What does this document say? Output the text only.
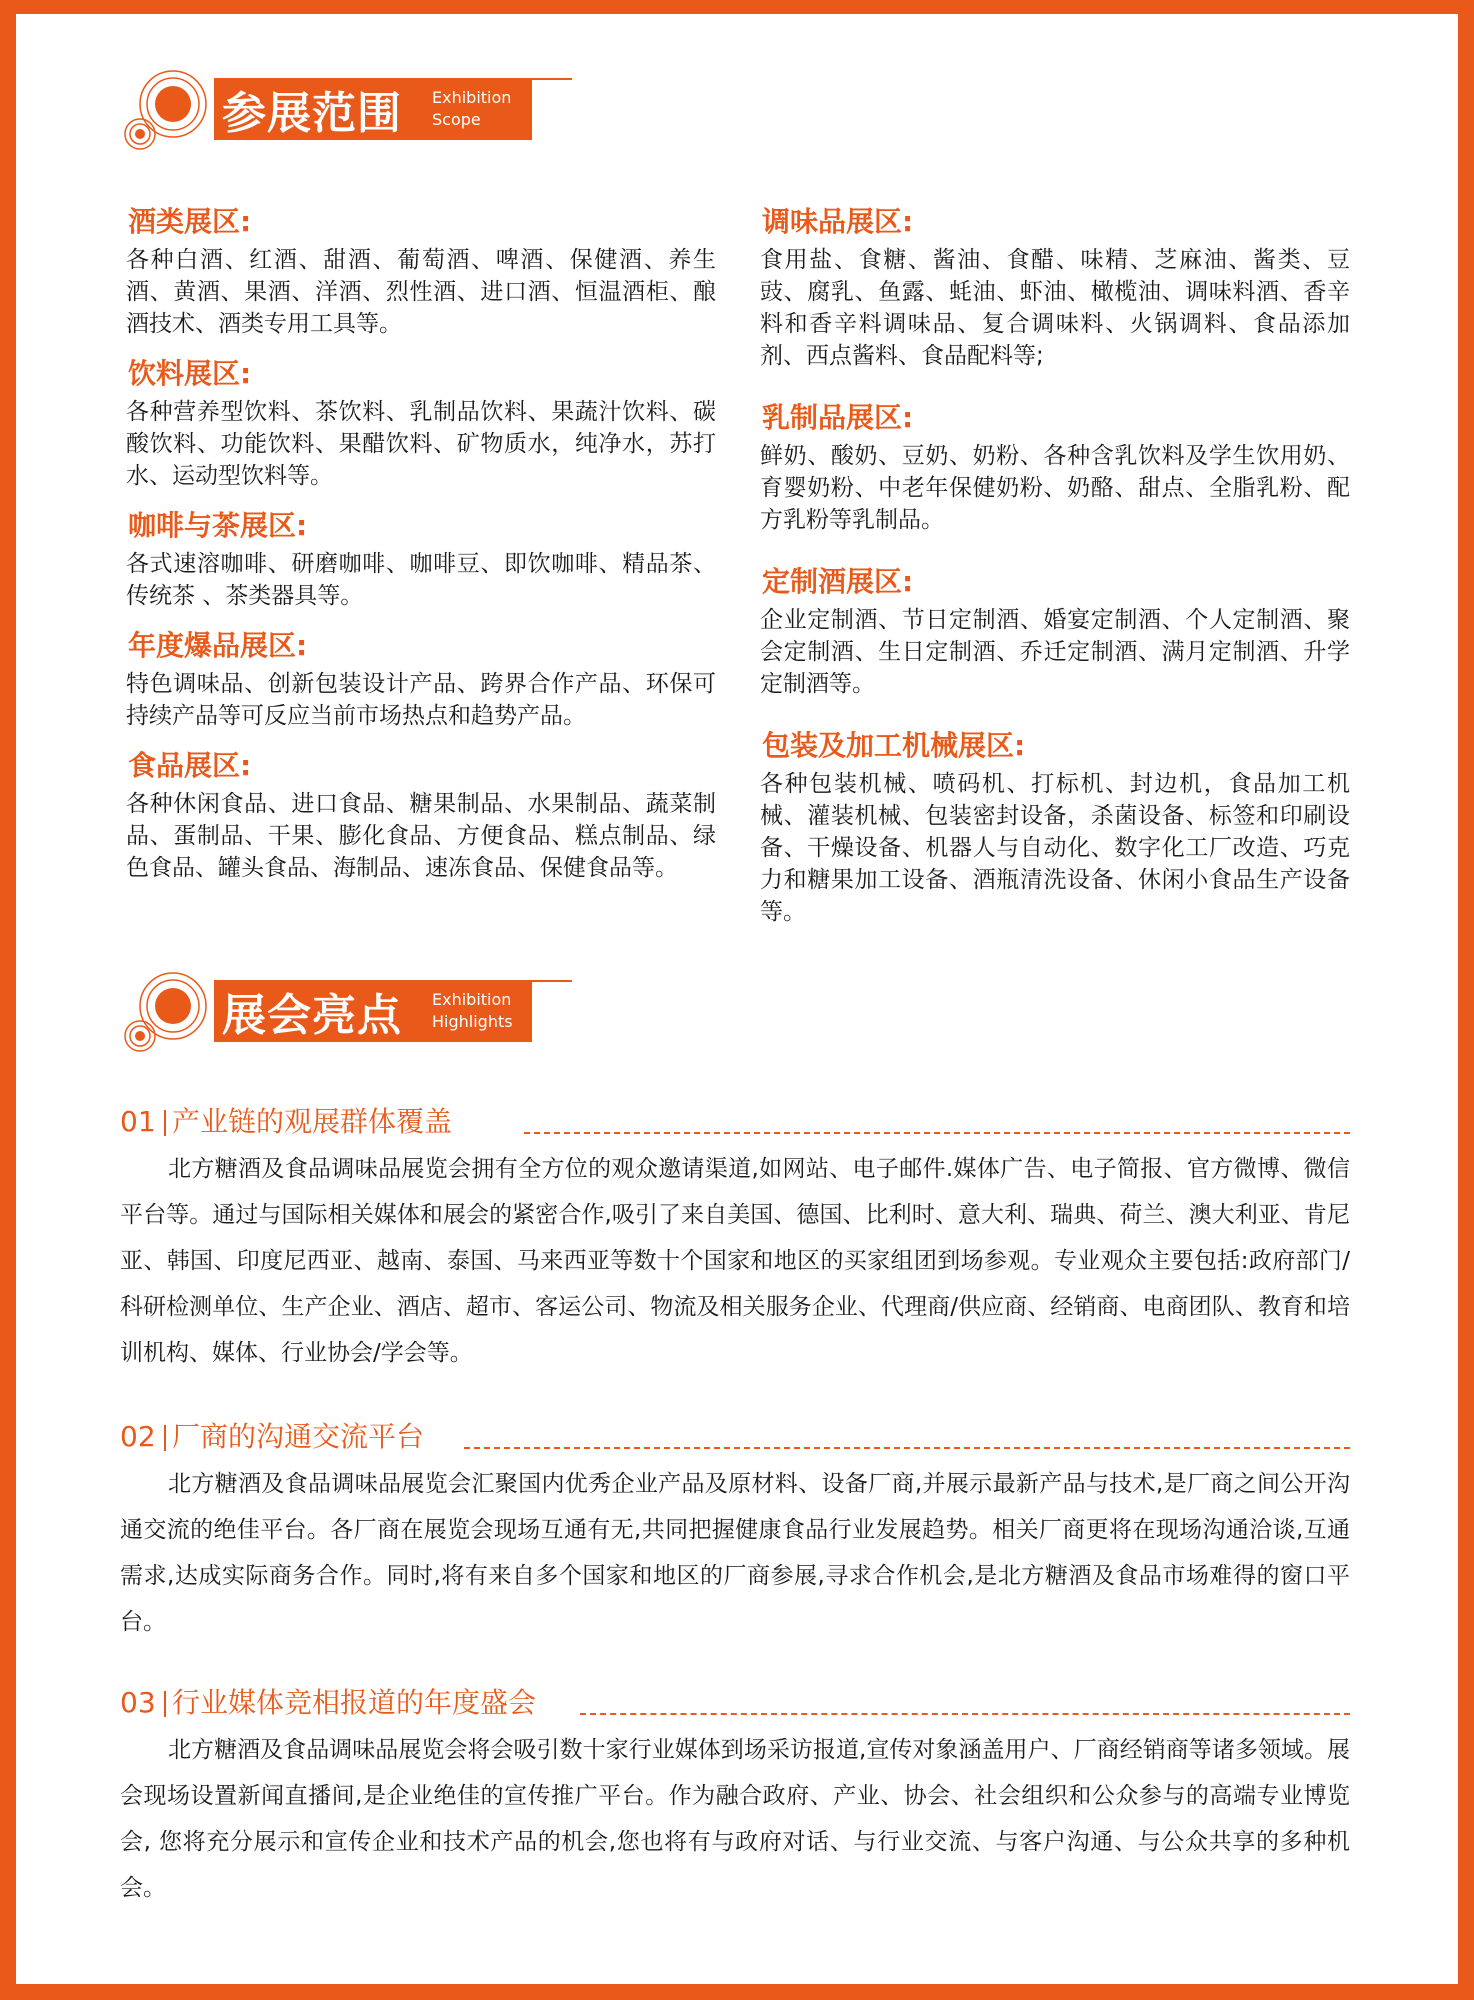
参展范围	Exhibition
Scope
酒类展区:
各种白酒、红酒、甜酒、葡萄酒、啤酒、保健酒、养生酒、黄酒、果酒、洋酒、烈性酒、进口酒、恒温酒柜、酿酒技术、酒类专用工具等。
饮料展区:
各种营养型饮料、茶饮料、乳制品饮料、果蔬汁饮料、碳酸饮料、功能饮料、果醋饮料、矿物质水，纯净水，苏打水、运动型饮料等。
咖啡与茶展区:
各式速溶咖啡、研磨咖啡、咖啡豆、即饮咖啡、精品茶、传统茶 、茶类器具等。
年度爆品展区:
特色调味品、创新包装设计产品、跨界合作产品、环保可持续产品等可反应当前市场热点和趋势产品。
食品展区:
各种休闲食品、进口食品、糖果制品、水果制品、蔬菜制品、蛋制品、干果、膨化食品、方便食品、糕点制品、绿色食品、罐头食品、海制品、速冻食品、保健食品等。
调味品展区:
食用盐、食糖、酱油、食醋、味精、芝麻油、酱类、豆豉、腐乳、鱼露、蚝油、虾油、橄榄油、调味料酒、香辛料和香辛料调味品、复合调味料、火锅调料、食品添加剂、西点酱料、食品配料等;
乳制品展区:
鲜奶、酸奶、豆奶、奶粉、各种含乳饮料及学生饮用奶、育婴奶粉、中老年保健奶粉、奶酪、甜点、全脂乳粉、配方乳粉等乳制品。
定制酒展区:
企业定制酒、节日定制酒、婚宴定制酒、个人定制酒、聚会定制酒、生日定制酒、乔迁定制酒、满月定制酒、升学定制酒等。
包装及加工机械展区:
各种包装机械、喷码机、打标机、封边机，食品加工机械、灌装机械、包装密封设备，杀菌设备、标签和印刷设备、干燥设备、机器人与自动化、数字化工厂改造、巧克力和糖果加工设备、酒瓶清洗设备、休闲小食品生产设备等。
展会亮点	Exhibition
Highlights
01 产业链的观展群体覆盖
北方糖酒及食品调味品展览会拥有全方位的观众邀请渠道,如网站、电子邮件.媒体广告、电子简报、官方微博、微信平台等。通过与国际相关媒体和展会的紧密合作,吸引了来自美国、德国、比利时、意大利、瑞典、荷兰、澳大利亚、肯尼亚、韩国、印度尼西亚、越南、泰国、马来西亚等数十个国家和地区的买家组团到场参观。专业观众主要包括:政府部门/科研检测单位、生产企业、酒店、超市、客运公司、物流及相关服务企业、代理商/供应商、经销商、电商团队、教育和培训机构、媒体、行业协会/学会等。
02 厂商的沟通交流平台
北方糖酒及食品调味品展览会汇聚国内优秀企业产品及原材料、设备厂商,并展示最新产品与技术,是厂商之间公开沟通交流的绝佳平台。各厂商在展览会现场互通有无,共同把握健康食品行业发展趋势。相关厂商更将在现场沟通洽谈,互通需求,达成实际商务合作。同时,将有来自多个国家和地区的厂商参展,寻求合作机会,是北方糖酒及食品市场难得的窗口平台。
03 行业媒体竞相报道的年度盛会
北方糖酒及食品调味品展览会将会吸引数十家行业媒体到场采访报道,宣传对象涵盖用户、厂商经销商等诸多领域。展会现场设置新闻直播间,是企业绝佳的宣传推广平台。作为融合政府、产业、协会、社会组织和公众参与的高端专业博览会, 您将充分展示和宣传企业和技术产品的机会,您也将有与政府对话、与行业交流、与客户沟通、与公众共享的多种机会。
